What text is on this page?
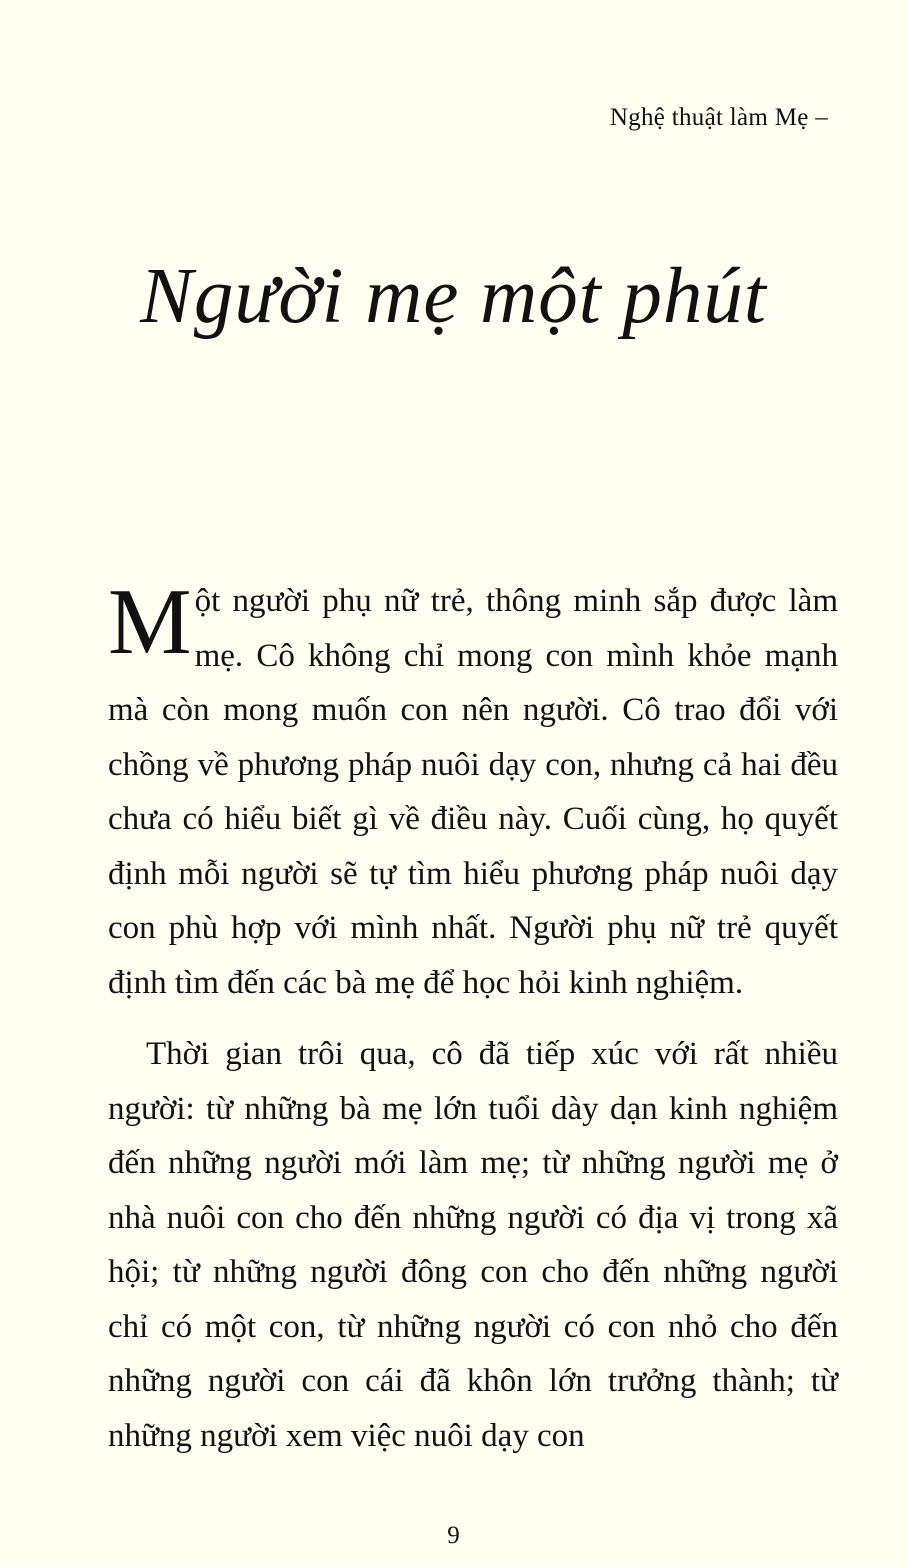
Nghệ thuật làm Mẹ –
Người mẹ một phút

Một người phụ nữ trẻ, thông minh sắp được làm mẹ. Cô không chỉ mong con mình khỏe mạnh mà còn mong muốn con nên người. Cô trao đổi với chồng về phương pháp nuôi dạy con, nhưng cả hai đều chưa có hiểu biết gì về điều này. Cuối cùng, họ quyết định mỗi người sẽ tự tìm hiểu phương pháp nuôi dạy con phù hợp với mình nhất. Người phụ nữ trẻ quyết định tìm đến các bà mẹ để học hỏi kinh nghiệm.

Thời gian trôi qua, cô đã tiếp xúc với rất nhiều người: từ những bà mẹ lớn tuổi dày dạn kinh nghiệm đến những người mới làm mẹ; từ những người mẹ ở nhà nuôi con cho đến những người có địa vị trong xã hội; từ những người đông con cho đến những người chỉ có một con, từ những người có con nhỏ cho đến những người con cái đã khôn lớn trưởng thành; từ những người xem việc nuôi dạy con

9
